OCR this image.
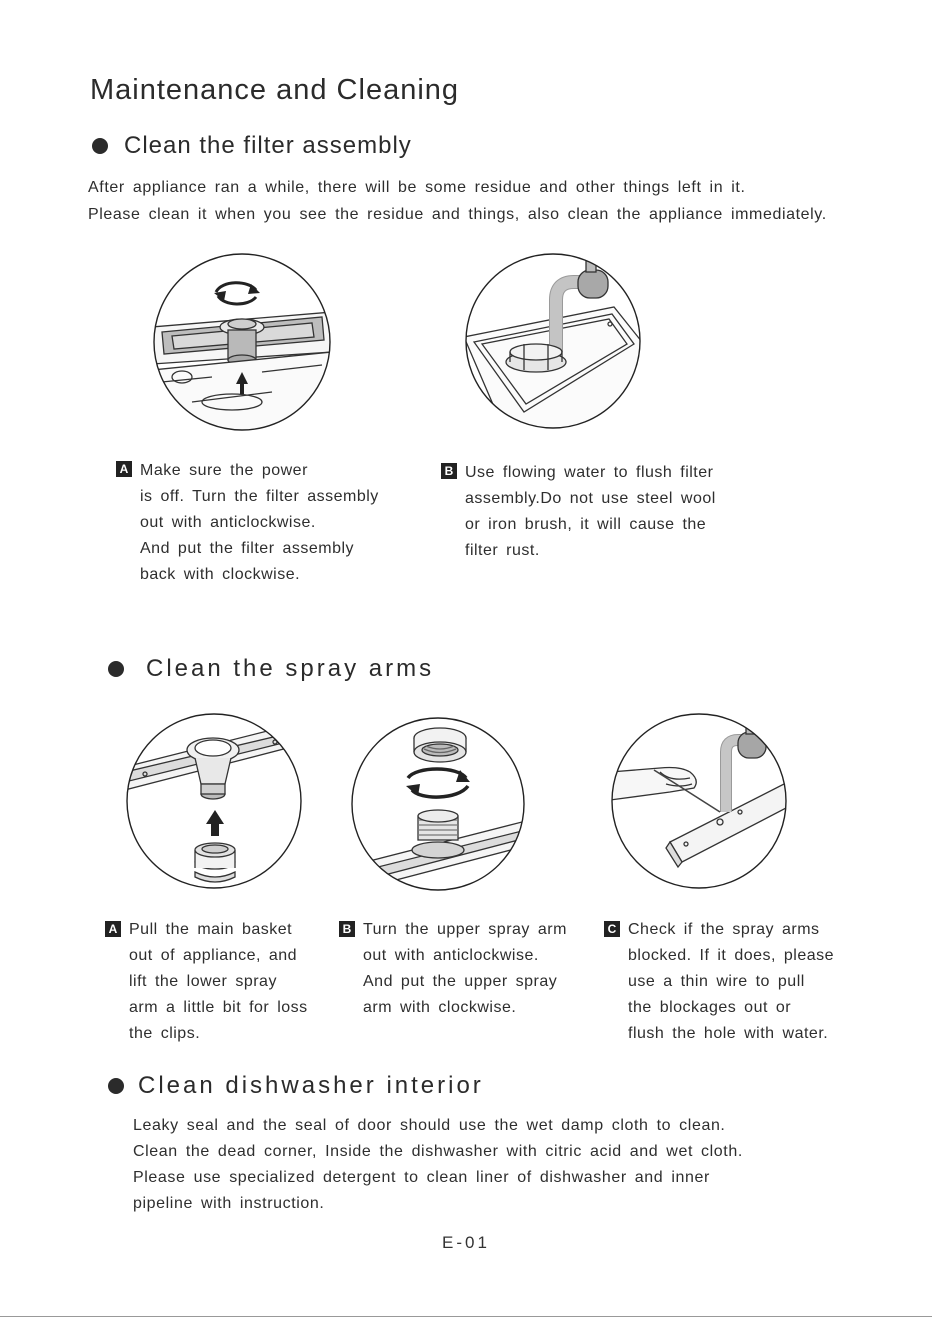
Maintenance and Cleaning
Clean the filter assembly
After appliance ran a while, there will be some residue and other things left in it.
Please clean it when you see the residue and things, also clean the appliance immediately.
A Make sure the power
is off. Turn the filter assembly
out with anticlockwise.
And put the filter assembly
back with clockwise.
B Use flowing water to flush filter
assembly.Do not use steel wool
or iron brush, it will cause the
filter rust.
Clean the spray arms
A Pull the main basket
out of appliance, and
lift the lower spray
arm a little bit for loss
the clips.
B Turn the upper spray arm
out with anticlockwise.
And put the upper spray
arm with clockwise.
C Check if the spray arms
blocked. If it does, please
use a thin wire to pull
the blockages out or
flush the hole with water.
Clean dishwasher interior
Leaky seal and the seal of door should use the wet damp cloth to clean.
Clean the dead corner, Inside the dishwasher with citric acid and wet cloth.
Please use specialized detergent to clean liner of dishwasher and inner
pipeline with instruction.
E-01
